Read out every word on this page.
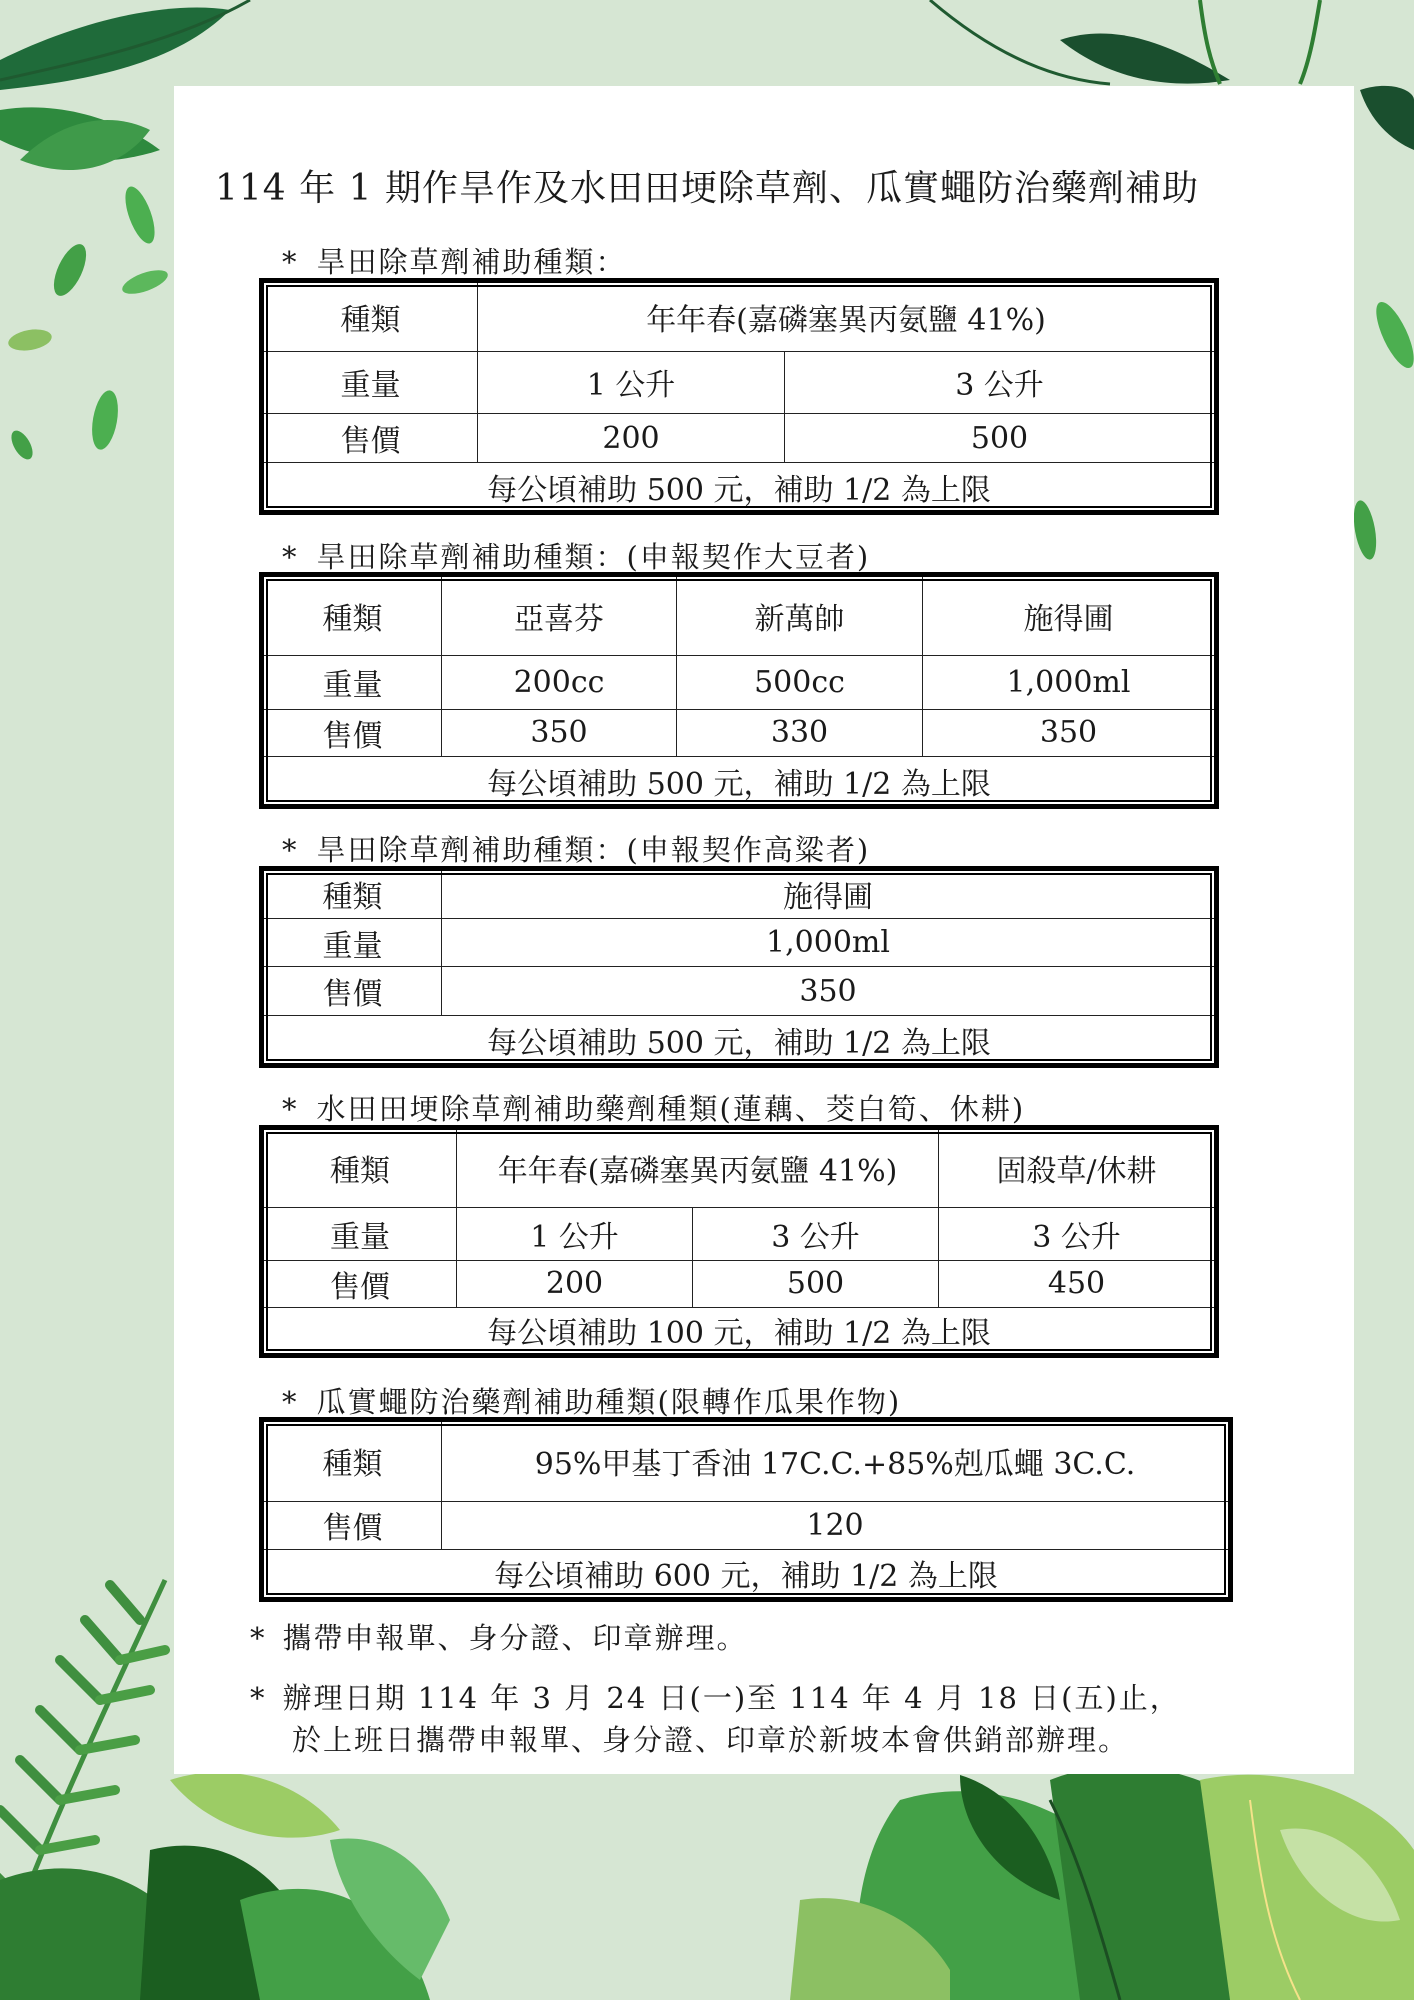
114 年 1 期作旱作及水田田埂除草劑、瓜實蠅防治藥劑補助
* 旱田除草劑補助種類：
種類	年年春(嘉磷塞異丙氨鹽 41%)	
重量	1 公升	3 公升
售價	200	500
每公頃補助 500 元，補助 1/2 為上限		
* 旱田除草劑補助種類：(申報契作大豆者)
種類	亞喜芬	新萬帥	施得圃
重量	200cc	500cc	1,000ml
售價	350	330	350
每公頃補助 500 元，補助 1/2 為上限			
* 旱田除草劑補助種類：(申報契作高粱者)
種類	施得圃
重量	1,000ml
售價	350
每公頃補助 500 元，補助 1/2 為上限	
* 水田田埂除草劑補助藥劑種類(蓮藕、茭白筍、休耕)
種類	年年春(嘉磷塞異丙氨鹽 41%)		固殺草/休耕
重量	1 公升	3 公升	3 公升
售價	200	500	450
每公頃補助 100 元，補助 1/2 為上限			
* 瓜實蠅防治藥劑補助種類(限轉作瓜果作物)
種類	95%甲基丁香油 17C.C.+85%剋瓜蠅 3C.C.
售價	120
每公頃補助 600 元，補助 1/2 為上限	
* 攜帶申報單、身分證、印章辦理。
* 辦理日期 114 年 3 月 24 日(一)至 114 年 4 月 18 日(五)止，
於上班日攜帶申報單、身分證、印章於新坡本會供銷部辦理。
